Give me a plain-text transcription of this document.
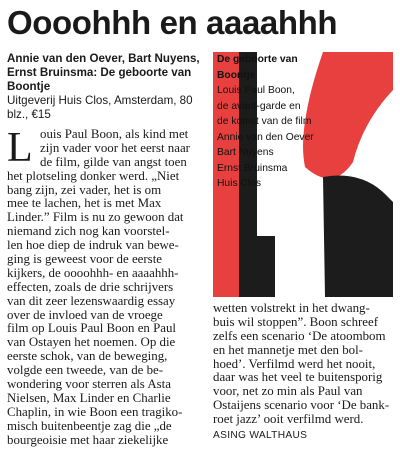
Ooooh​hh en aaaahhh
Annie van den Oever, Bart Nuyens,
Ernst Bruinsma: De geboorte van
Boontje
Uitgeverij Huis Clos, Amsterdam, 80
blz., €15
L ouis Paul Boon, als kind met
zijn vader voor het eerst naar
de film, gilde van angst toen
het plotseling donker werd. „Niet
bang zijn, zei vader, het is om
mee te lachen, het is met Max
Linder.” Film is nu zo gewoon dat
niemand zich nog kan voorstel-
len hoe diep de indruk van bewe-
ging is geweest voor de eerste
kijkers, de oooohhh- en aaaahhh-
effecten, zoals de drie schrijvers
van dit zeer lezenswaardig essay
over de invloed van de vroege
film op Louis Paul Boon en Paul
van Ostayen het noemen. Op die
eerste schok, van de beweging,
volgde een tweede, van de be-
wondering voor sterren als Asta
Nielsen, Max Linder en Charlie
Chaplin, in wie Boon een tragiko-
misch buitenbeentje zag die „de
bourgeoisie met haar ziekelijke
De geboorte van
Boontje
Louis Paul Boon,
de avant-garde en
de komst van de film
Annie van den Oever
Bart Nuyens
Ernst Bruinsma
Huis Clos
wetten volstrekt in het dwang-
buis wil stoppen”. Boon schreef
zelfs een scenario ‘De atoombom
en het mannetje met den bol-
hoed’. Verfilmd werd het nooit,
daar was het veel te buitensporig
voor, net zo min als Paul van
Ostaijens scenario voor ‘De bank-
roet jazz’ ooit verfilmd werd.
ASING WALTHAUS
